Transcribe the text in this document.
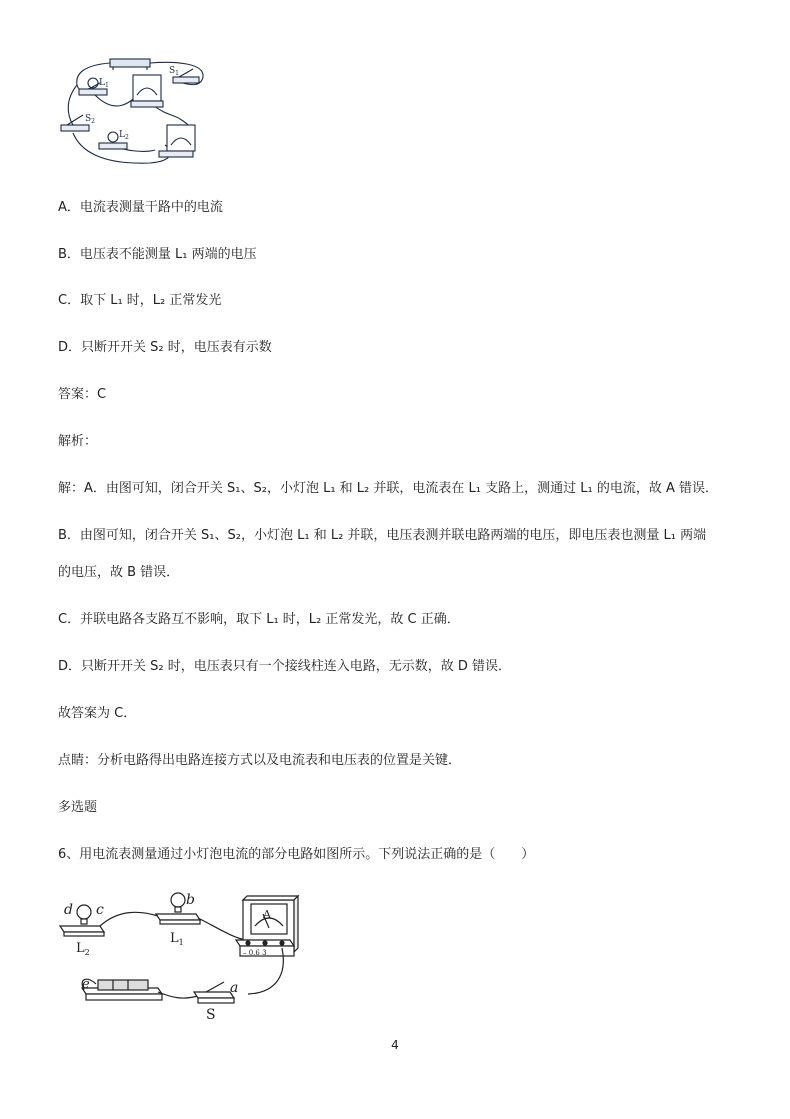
$S_1$
$S_2$
$L_1$
$L_2$
A．电流表测量干路中的电流
B．电压表不能测量 L₁ 两端的电压
C．取下 L₁ 时，L₂ 正常发光
D．只断开开关 S₂ 时，电压表有示数
答案：C
解析：
解：A．由图可知，闭合开关 S₁、S₂，小灯泡 L₁ 和 L₂ 并联，电流表在 L₁ 支路上，测通过 L₁ 的电流，故 A 错误．
B．由图可知，闭合开关 S₁、S₂，小灯泡 L₁ 和 L₂ 并联，电压表测并联电路两端的电压，即电压表也测量 L₁ 两端
的电压，故 B 错误．
C．并联电路各支路互不影响，取下 L₁ 时，L₂ 正常发光，故 C 正确．
D．只断开开关 S₂ 时，电压表只有一个接线柱连入电路，无示数，故 D 错误．
故答案为 C．
点睛：分析电路得出电路连接方式以及电流表和电压表的位置是关键．
多选题
6、用电流表测量通过小灯泡电流的部分电路如图所示。下列说法正确的是（　　）
d c
b
$L_2$
$L_1$
A
– 0.6 3
e	a
S
4
